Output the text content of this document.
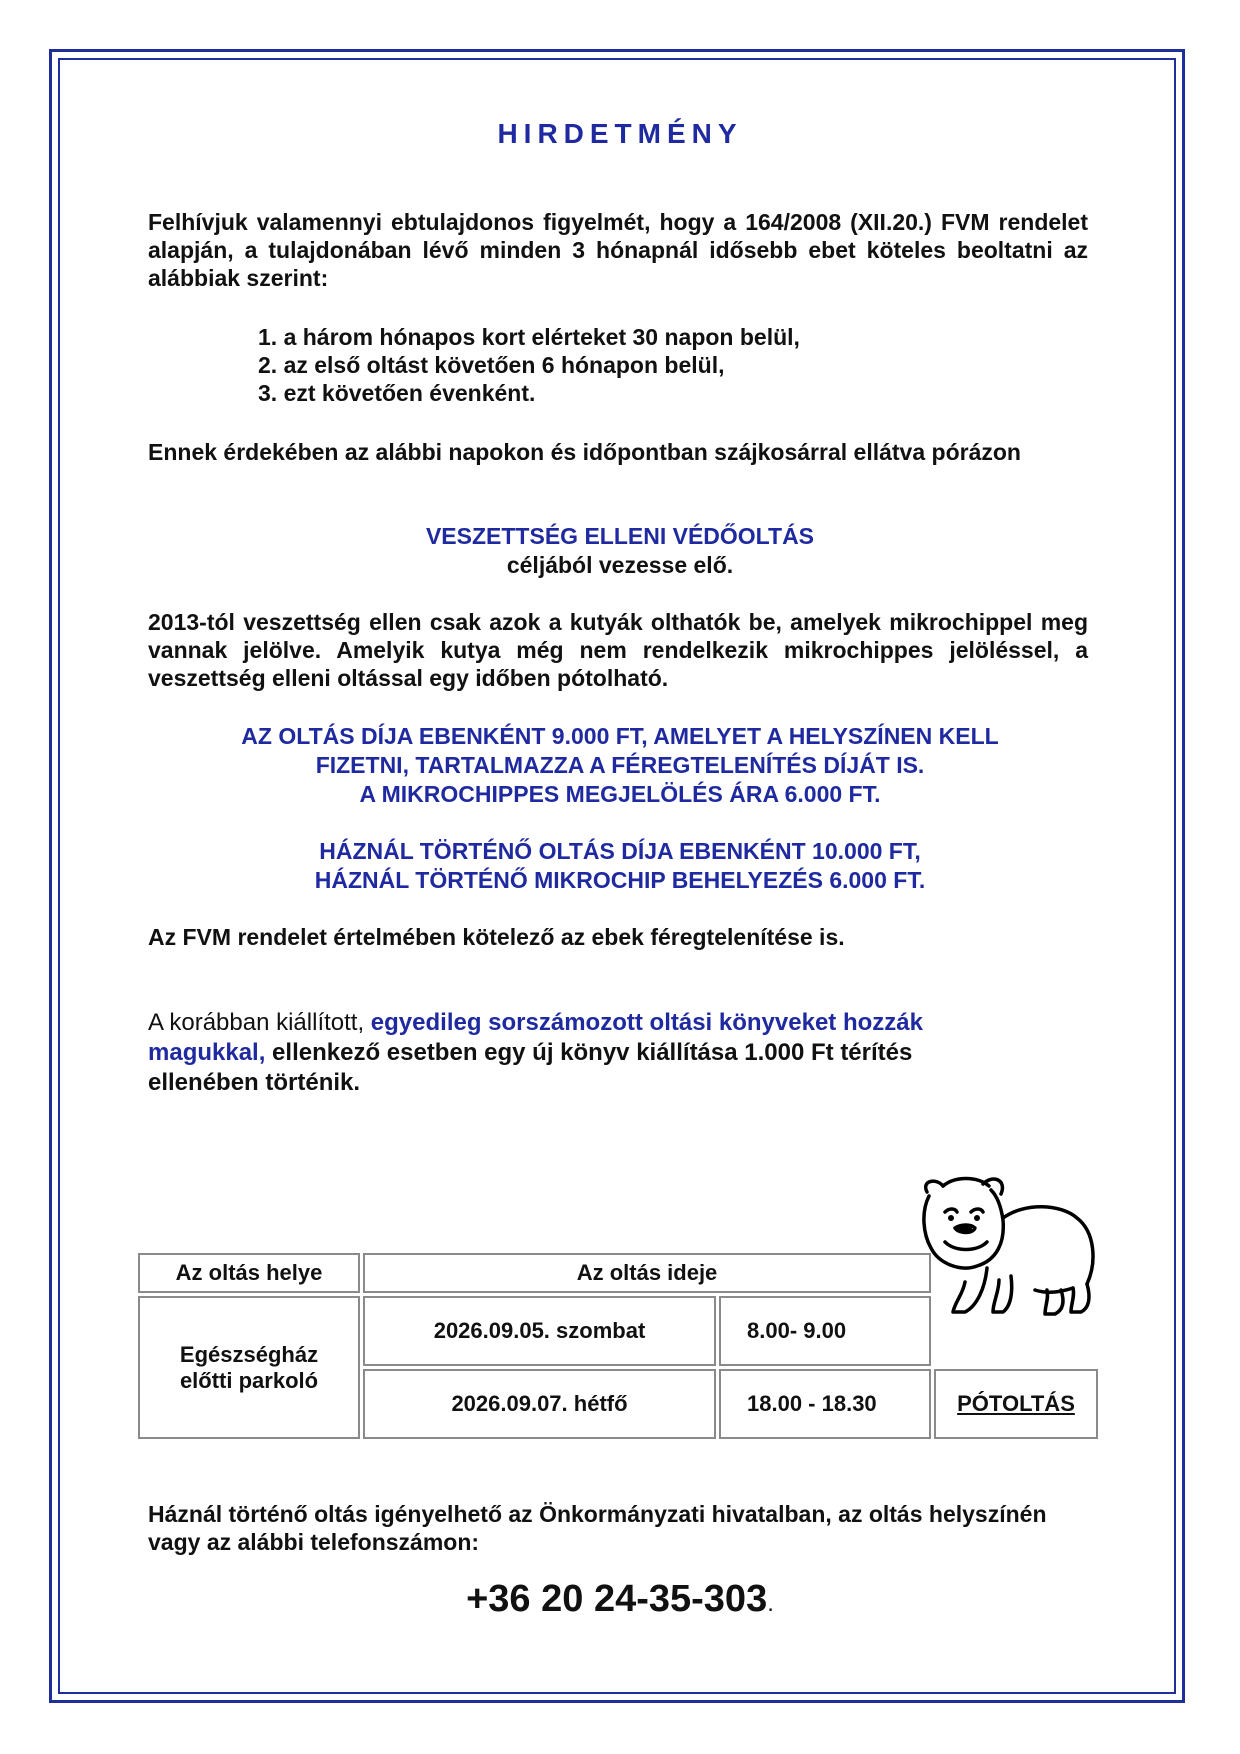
HIRDETMÉNY

Felhívjuk valamennyi ebtulajdonos figyelmét, hogy a 164/2008 (XII.20.) FVM rendelet alapján, a tulajdonában lévő minden 3 hónapnál idősebb ebet köteles beoltatni az alábbiak szerint:

1. a három hónapos kort elérteket 30 napon belül,
2. az első oltást követően 6 hónapon belül,
3. ezt követően évenként.

Ennek érdekében az alábbi napokon és időpontban szájkosárral ellátva pórázon

VESZETTSÉG ELLENI VÉDŐOLTÁS
céljából vezesse elő.

2013-tól veszettség ellen csak azok a kutyák olthatók be, amelyek mikrochippel meg vannak jelölve. Amelyik kutya még nem rendelkezik mikrochippes jelöléssel, a veszettség elleni oltással egy időben pótolható.

AZ OLTÁS DÍJA EBENKÉNT 9.000 FT, AMELYET A HELYSZÍNEN KELL
FIZETNI, TARTALMAZZA A FÉREGTELENÍTÉS DÍJÁT IS.
A MIKROCHIPPES MEGJELÖLÉS ÁRA 6.000 FT.
HÁZNÁL TÖRTÉNŐ OLTÁS DÍJA EBENKÉNT 10.000 FT,
HÁZNÁL TÖRTÉNŐ MIKROCHIP BEHELYEZÉS 6.000 FT.

Az FVM rendelet értelmében kötelező az ebek féregtelenítése is.

A korábban kiállított, egyedileg sorszámozott oltási könyveket hozzák magukkal, ellenkező esetben egy új könyv kiállítása 1.000 Ft térítés ellenében történik.

Az oltás helye	Az oltás ideje		
Egészségház előtti parkoló	2026.09.05. szombat	8.00- 9.00	
	2026.09.07. hétfő	18.00 - 18.30	PÓTOLTÁS

Háznál történő oltás igényelhető az Önkormányzati hivatalban, az oltás helyszínén vagy az alábbi telefonszámon:

+36 20 24-35-303.
